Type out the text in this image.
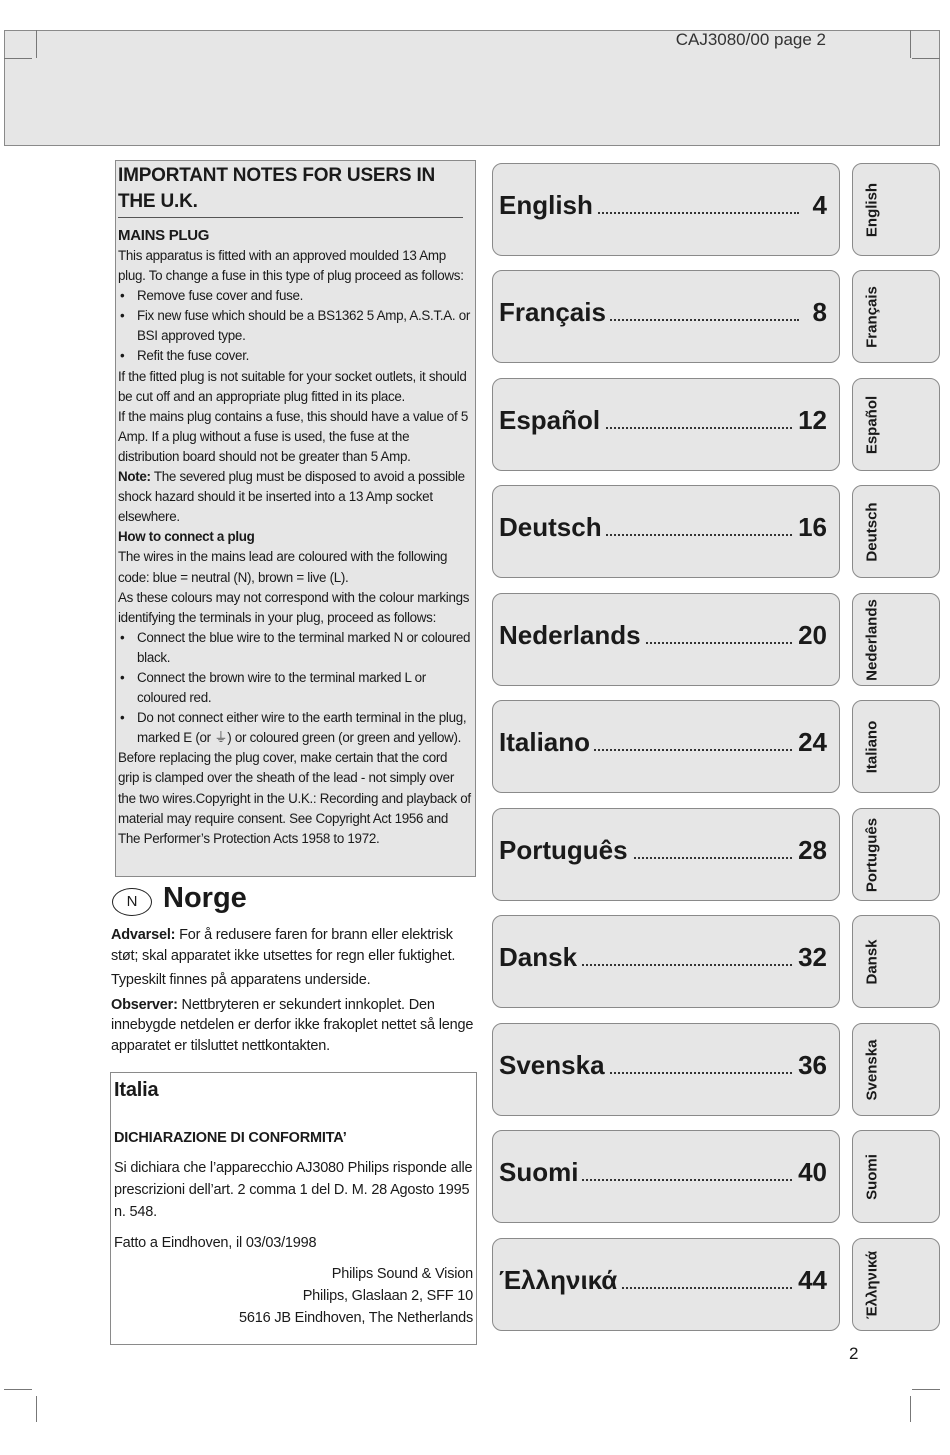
CAJ3080/00 page 2
IMPORTANT NOTES FOR USERS IN THE U.K.
MAINS PLUG

This apparatus is fitted with an approved moulded 13 Amp plug. To change a fuse in this type of plug proceed as follows:

• Remove fuse cover and fuse.
• Fix new fuse which should be a BS1362 5 Amp, A.S.T.A. or BSI approved type.
• Refit the fuse cover.

If the fitted plug is not suitable for your socket outlets, it should be cut off and an appropriate plug fitted in its place.

If the mains plug contains a fuse, this should have a value of 5 Amp. If a plug without a fuse is used, the fuse at the distribution board should not be greater than 5 Amp.

Note: The severed plug must be disposed to avoid a possible shock hazard should it be inserted into a 13 Amp socket elsewhere.

How to connect a plug

The wires in the mains lead are coloured with the following code: blue = neutral (N), brown = live (L).

As these colours may not correspond with the colour markings identifying the terminals in your plug, proceed as follows:

• Connect the blue wire to the terminal marked N or coloured black.
• Connect the brown wire to the terminal marked L or coloured red.
• Do not connect either wire to the earth terminal in the plug, marked E (or ⏚) or coloured green (or green and yellow).

Before replacing the plug cover, make certain that the cord grip is clamped over the sheath of the lead - not simply over the two wires.Copyright in the U.K.: Recording and playback of material may require consent. See Copyright Act 1956 and The Performer’s Protection Acts 1958 to 1972.

N Norge

Advarsel: For å redusere faren for brann eller elektrisk støt; skal apparatet ikke utsettes for regn eller fuktighet.

Typeskilt finnes på apparatens underside.

Observer: Nettbryteren er sekundert innkoplet. Den innebygde netdelen er derfor ikke frakoplet nettet så lenge apparatet er tilsluttet nettkontakten.

Italia
DICHIARAZIONE DI CONFORMITA’

Si dichiara che l’apparecchio AJ3080 Philips risponde alle prescrizioni dell’art. 2 comma 1 del D. M. 28 Agosto 1995 n. 548.

Fatto a Eindhoven, il 03/03/1998

Philips Sound & Vision
Philips, Glaslaan 2, SFF 10
5616 JB Eindhoven, The Netherlands
English	4 English
Français	8 Français
Español	12 Español
Deutsch	16 Deutsch
Nederlands	20 Nederlands
Italiano	24 Italiano
Português	28 Português
Dansk	32 Dansk
Svenska	36 Svenska
Suomi	40 Suomi
Έλληνικά	44 Έλληνικά
2
